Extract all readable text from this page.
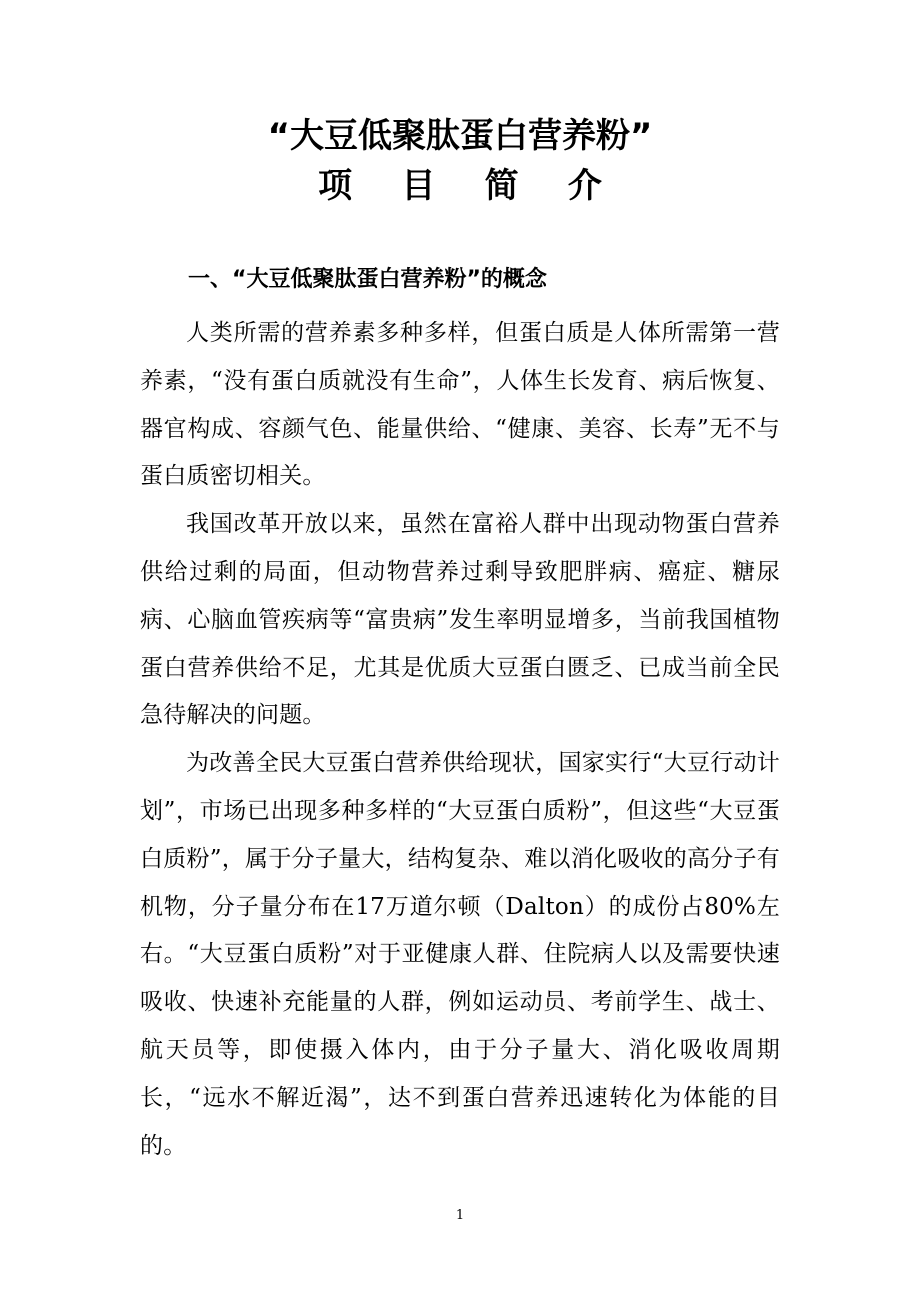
“大豆低聚肽蛋白营养粉”
项 目 简 介
一、“大豆低聚肽蛋白营养粉”的概念

人类所需的营养素多种多样，但蛋白质是人体所需第一营养素，“没有蛋白质就没有生命”，人体生长发育、病后恢复、器官构成、容颜气色、能量供给、“健康、美容、长寿”无不与蛋白质密切相关。

我国改革开放以来，虽然在富裕人群中出现动物蛋白营养供给过剩的局面，但动物营养过剩导致肥胖病、癌症、糖尿病、心脑血管疾病等“富贵病”发生率明显增多，当前我国植物蛋白营养供给不足，尤其是优质大豆蛋白匮乏、已成当前全民急待解决的问题。

为改善全民大豆蛋白营养供给现状，国家实行“大豆行动计划”，市场已出现多种多样的“大豆蛋白质粉”，但这些“大豆蛋白质粉”，属于分子量大，结构复杂、难以消化吸收的高分子有机物，分子量分布在17万道尔顿（Dalton）的成份占80%左右。“大豆蛋白质粉”对于亚健康人群、住院病人以及需要快速吸收、快速补充能量的人群，例如运动员、考前学生、战士、航天员等，即使摄入体内，由于分子量大、消化吸收周期长，“远水不解近渴”，达不到蛋白营养迅速转化为体能的目的。

1
